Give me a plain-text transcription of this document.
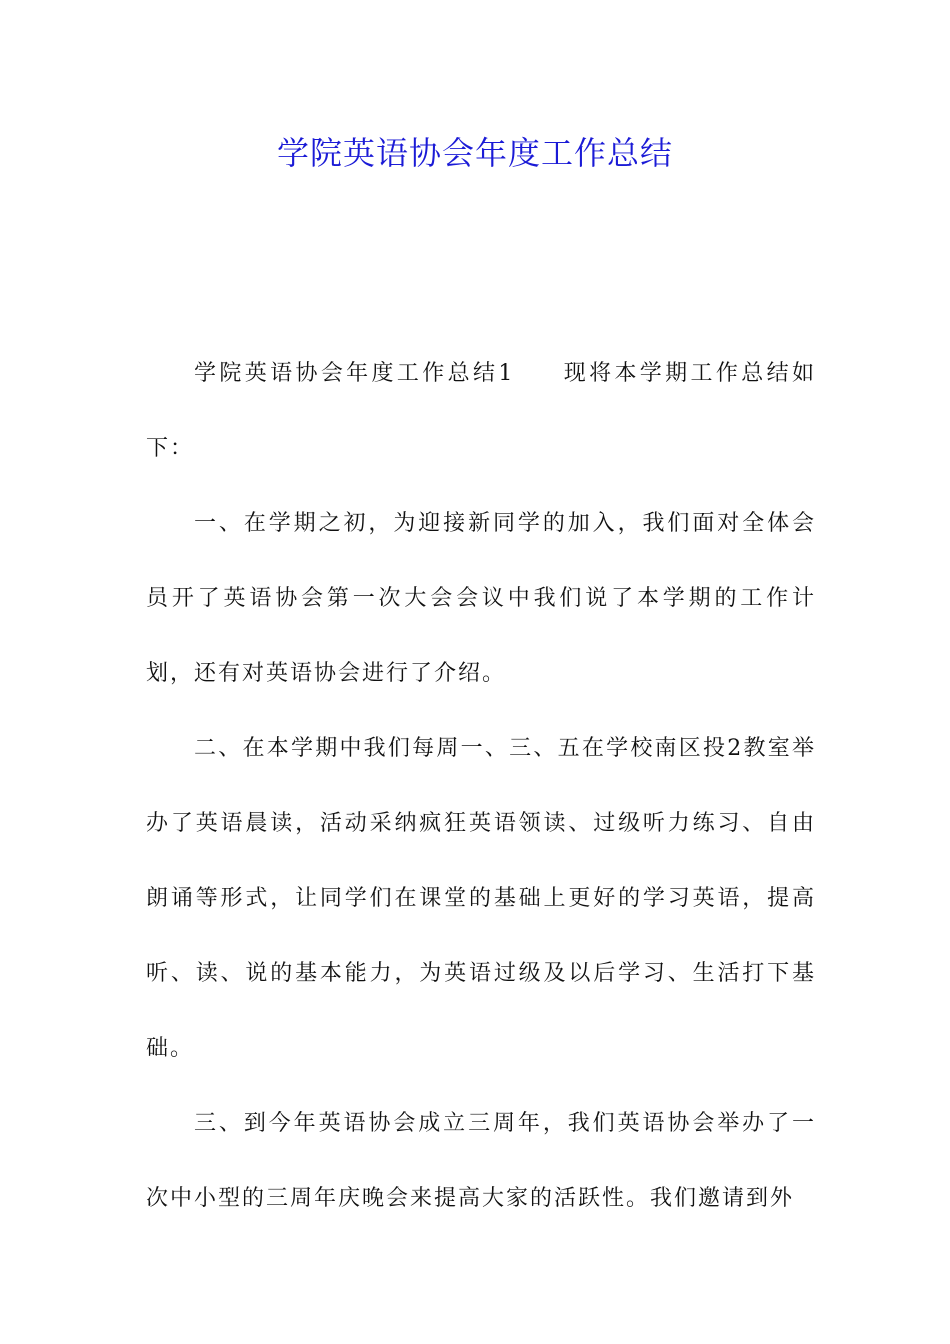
学院英语协会年度工作总结

学院英语协会年度工作总结1 现将本学期工作总结如下：

一、在学期之初，为迎接新同学的加入，我们面对全体会员开了英语协会第一次大会会议中我们说了本学期的工作计划，还有对英语协会进行了介绍。

二、在本学期中我们每周一、三、五在学校南区投2教室举办了英语晨读，活动采纳疯狂英语领读、过级听力练习、自由朗诵等形式，让同学们在课堂的基础上更好的学习英语，提高听、读、说的基本能力，为英语过级及以后学习、生活打下基础。

三、到今年英语协会成立三周年，我们英语协会举办了一次中小型的三周年庆晚会来提高大家的活跃性。我们邀请到外
